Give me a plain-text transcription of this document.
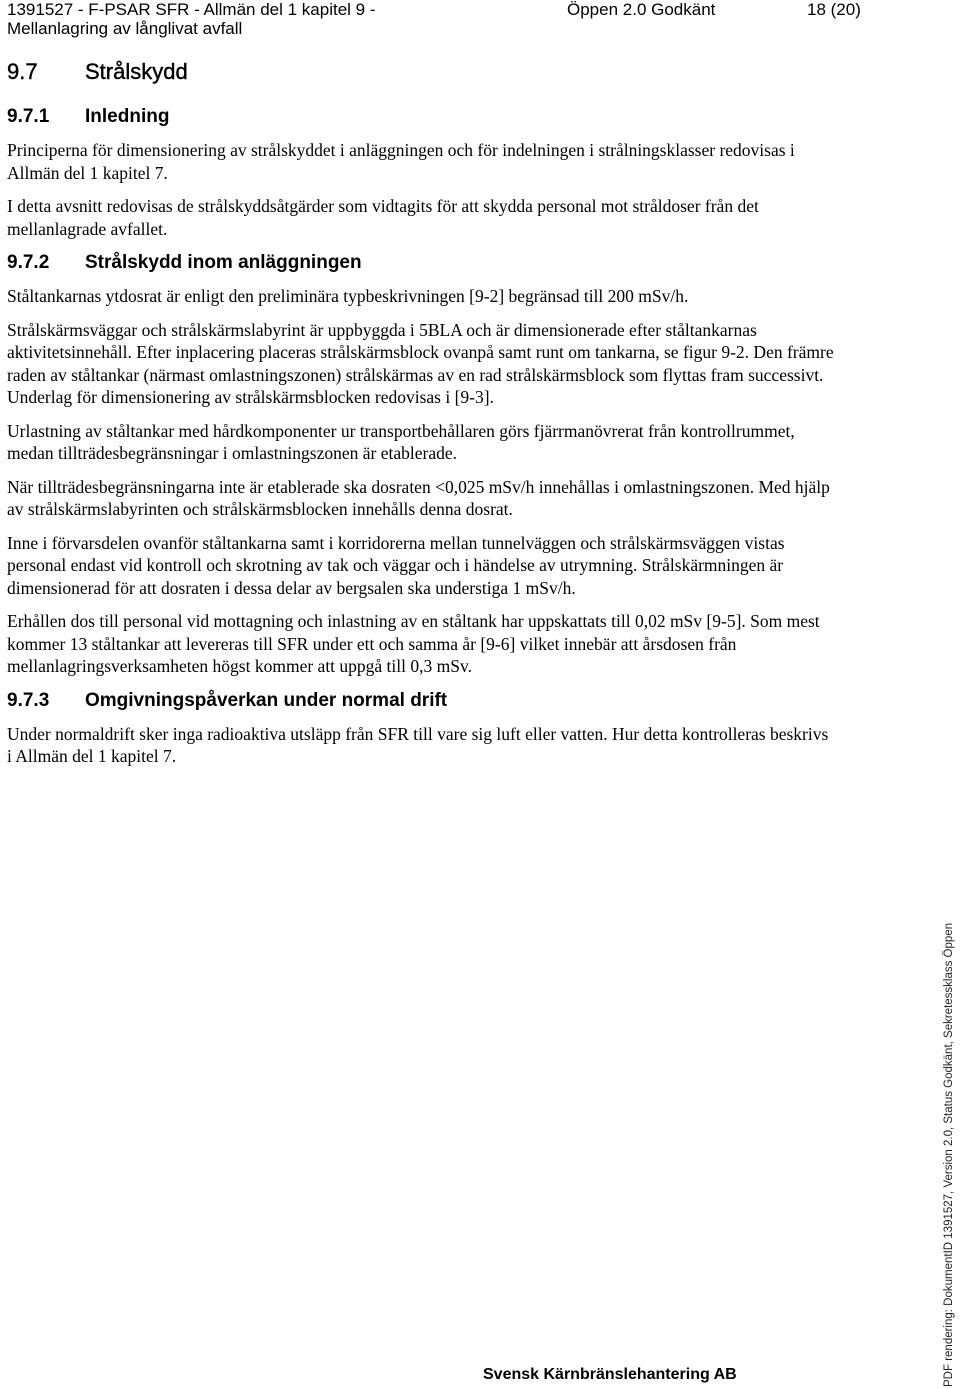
1391527 - F-PSAR SFR - Allmän del 1 kapitel 9 -
Mellanlagring av långlivat avfall
Öppen 2.0 Godkänt	18 (20)
9.7 Strålskydd
9.7.1 Inledning

Principerna för dimensionering av strålskyddet i anläggningen och för indelningen i strålningsklasser redovisas i Allmän del 1 kapitel 7.

I detta avsnitt redovisas de strålskyddsåtgärder som vidtagits för att skydda personal mot stråldoser från det mellanlagrade avfallet.

9.7.2 Strålskydd inom anläggningen

Ståltankarnas ytdosrat är enligt den preliminära typbeskrivningen [9-2] begränsad till 200 mSv/h.

Strålskärmsväggar och strålskärmslabyrint är uppbyggda i 5BLA och är dimensionerade efter ståltankarnas aktivitetsinnehåll. Efter inplacering placeras strålskärmsblock ovanpå samt runt om tankarna, se figur 9-2. Den främre raden av ståltankar (närmast omlastningszonen) strålskärmas av en rad strålskärmsblock som flyttas fram successivt. Underlag för dimensionering av strålskärmsblocken redovisas i [9-3].

Urlastning av ståltankar med hårdkomponenter ur transportbehållaren görs fjärrmanövrerat från kontrollrummet, medan tillträdesbegränsningar i omlastningszonen är etablerade.

När tillträdesbegränsningarna inte är etablerade ska dosraten <0,025 mSv/h innehållas i omlastningszonen. Med hjälp av strålskärmslabyrinten och strålskärmsblocken innehålls denna dosrat.

Inne i förvarsdelen ovanför ståltankarna samt i korridorerna mellan tunnelväggen och strålskärmsväggen vistas personal endast vid kontroll och skrotning av tak och väggar och i händelse av utrymning. Strålskärmningen är dimensionerad för att dosraten i dessa delar av bergsalen ska understiga 1 mSv/h.

Erhållen dos till personal vid mottagning och inlastning av en ståltank har uppskattats till 0,02 mSv [9-5]. Som mest kommer 13 ståltankar att levereras till SFR under ett och samma år [9-6] vilket innebär att årsdosen från mellanlagringsverksamheten högst kommer att uppgå till 0,3 mSv.

9.7.3 Omgivningspåverkan under normal drift

Under normaldrift sker inga radioaktiva utsläpp från SFR till vare sig luft eller vatten. Hur detta kontrolleras beskrivs i Allmän del 1 kapitel 7.

Svensk Kärnbränslehantering AB	PDF rendering: DokumentID 1391527, Version 2.0, Status Godkänt, Sekretessklass Öppen
